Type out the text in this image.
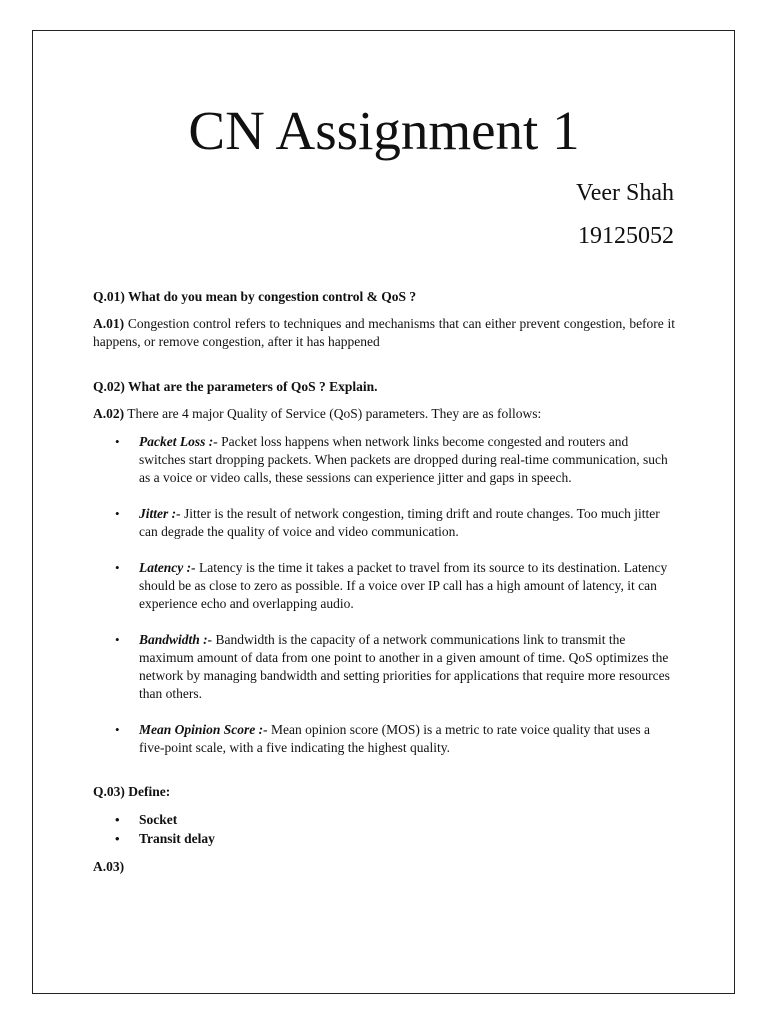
CN Assignment 1
Veer Shah
19125052

Q.01) What do you mean by congestion control & QoS ?

A.01) Congestion control refers to techniques and mechanisms that can either prevent congestion, before it happens, or remove congestion, after it has happened

Q.02) What are the parameters of QoS ? Explain.

A.02) There are 4 major Quality of Service (QoS) parameters. They are as follows:

• Packet Loss :- Packet loss happens when network links become congested and routers and switches start dropping packets. When packets are dropped during real-time communication, such as a voice or video calls, these sessions can experience jitter and gaps in speech.
• Jitter :- Jitter is the result of network congestion, timing drift and route changes. Too much jitter can degrade the quality of voice and video communication.
• Latency :- Latency is the time it takes a packet to travel from its source to its destination. Latency should be as close to zero as possible. If a voice over IP call has a high amount of latency, it can experience echo and overlapping audio.
• Bandwidth :- Bandwidth is the capacity of a network communications link to transmit the maximum amount of data from one point to another in a given amount of time. QoS optimizes the network by managing bandwidth and setting priorities for applications that require more resources than others.
• Mean Opinion Score :- Mean opinion score (MOS) is a metric to rate voice quality that uses a five-point scale, with a five indicating the highest quality.

Q.03) Define:

• Socket
• Transit delay

A.03)
